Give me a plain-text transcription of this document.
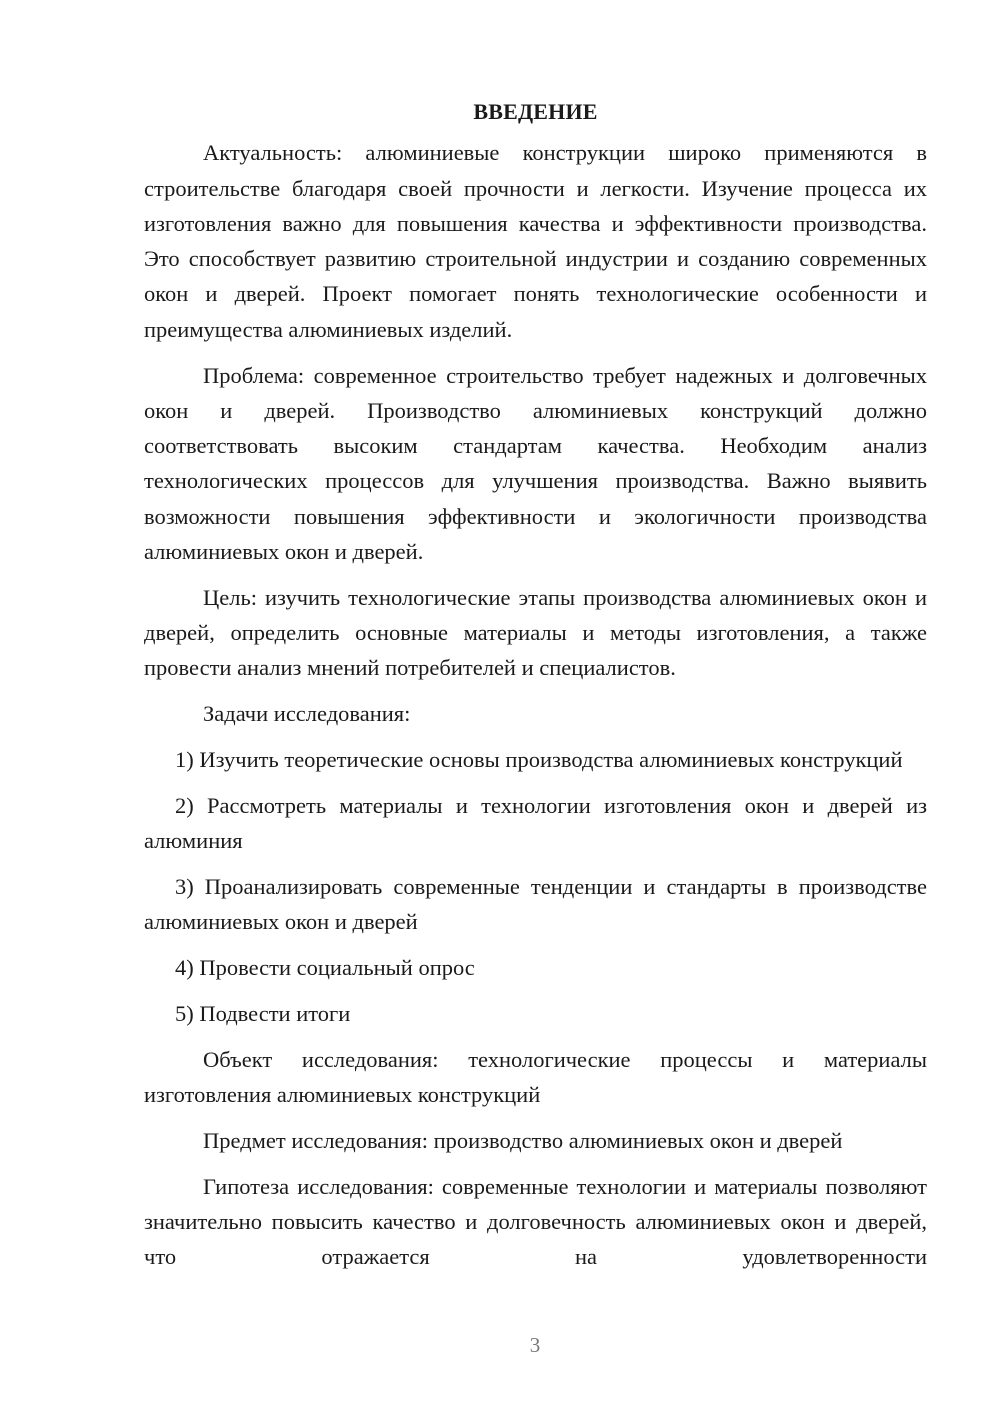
ВВЕДЕНИЕ

Актуальность: алюминиевые конструкции широко применяются в строительстве благодаря своей прочности и легкости. Изучение процесса их изготовления важно для повышения качества и эффективности производства. Это способствует развитию строительной индустрии и созданию современных окон и дверей. Проект помогает понять технологические особенности и преимущества алюминиевых изделий.

Проблема: современное строительство требует надежных и долговечных окон и дверей. Производство алюминиевых конструкций должно соответствовать высоким стандартам качества. Необходим анализ технологических процессов для улучшения производства. Важно выявить возможности повышения эффективности и экологичности производства алюминиевых окон и дверей.

Цель: изучить технологические этапы производства алюминиевых окон и дверей, определить основные материалы и методы изготовления, а также провести анализ мнений потребителей и специалистов.

Задачи исследования:

1) Изучить теоретические основы производства алюминиевых конструкций

2) Рассмотреть материалы и технологии изготовления окон и дверей из алюминия

3) Проанализировать современные тенденции и стандарты в производстве алюминиевых окон и дверей

4) Провести социальный опрос

5) Подвести итоги

Объект исследования: технологические процессы и материалы изготовления алюминиевых конструкций

Предмет исследования: производство алюминиевых окон и дверей

Гипотеза исследования: современные технологии и материалы позволяют значительно повысить качество и долговечность алюминиевых окон и дверей, что отражается на удовлетворенности

3
